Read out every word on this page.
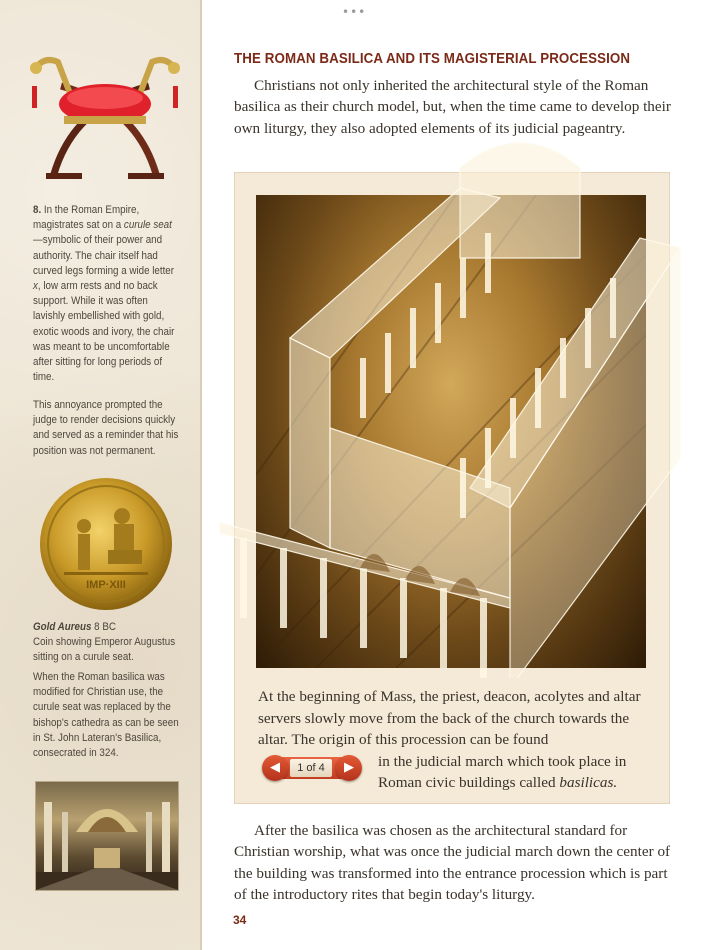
8. In the Roman Empire, magistrates sat on a curule seat—symbolic of their power and authority. The chair itself had curved legs forming a wide letter x, low arm rests and no back support. While it was often lavishly embellished with gold, exotic woods and ivory, the chair was meant to be uncomfortable after sitting for long periods of time.
This annoyance prompted the judge to render decisions quickly and served as a reminder that his position was not permanent.
IMP·XIII
Gold Aureus 8 BC
Coin showing Emperor Augustus sitting on a curule seat.
When the Roman basilica was modified for Christian use, the curule seat was replaced by the bishop's cathedra as can be seen in St. John Lateran's Basilica, consecrated in 324.
•••
THE ROMAN BASILICA AND ITS MAGISTERIAL PROCESSION
Christians not only inherited the architectural style of the Roman basilica as their church model, but, when the time came to develop their own liturgy, they also adopted elements of its judicial pageantry.
At the beginning of Mass, the priest, deacon, acolytes and altar servers slowly move from the back of the church towards the altar. The origin of this procession can be found
in the judicial march which took place in Roman civic buildings called basilicas.
1 of 4
◀	▶
After the basilica was chosen as the architectural standard for Christian worship, what was once the judicial march down the center of the building was transformed into the entrance procession which is part of the introductory rites that begin today's liturgy.
34
